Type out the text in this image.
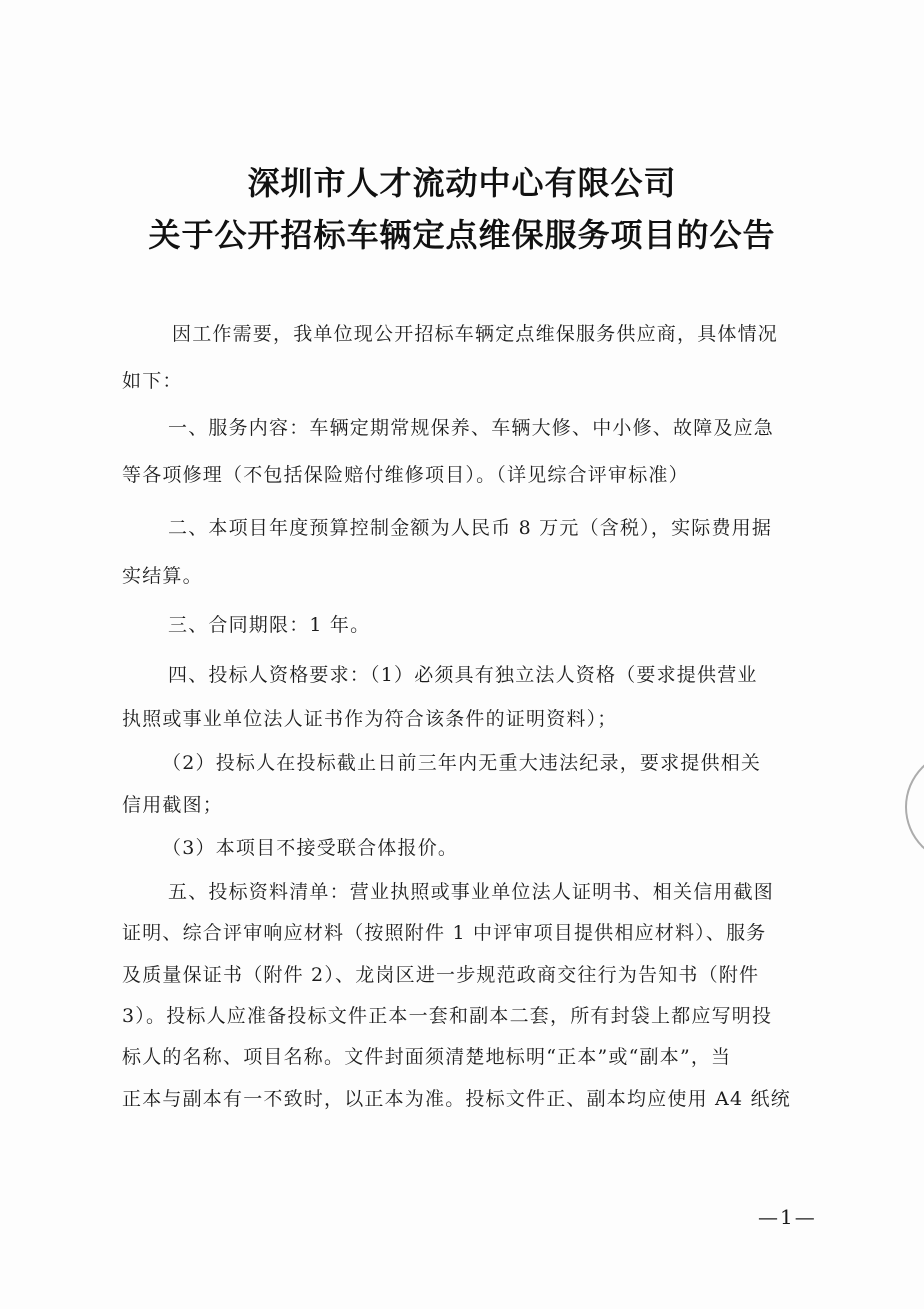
深圳市人才流动中心有限公司
关于公开招标车辆定点维保服务项目的公告
因工作需要，我单位现公开招标车辆定点维保服务供应商，具体情况
如下：
一、服务内容：车辆定期常规保养、车辆大修、中小修、故障及应急
等各项修理（不包括保险赔付维修项目）。（详见综合评审标准）
二、本项目年度预算控制金额为人民币 8 万元（含税），实际费用据
实结算。
三、合同期限：1 年。
四、投标人资格要求：（1）必须具有独立法人资格（要求提供营业
执照或事业单位法人证书作为符合该条件的证明资料）；
（2）投标人在投标截止日前三年内无重大违法纪录，要求提供相关
信用截图；
（3）本项目不接受联合体报价。
五、投标资料清单：营业执照或事业单位法人证明书、相关信用截图
证明、综合评审响应材料（按照附件 1 中评审项目提供相应材料）、服务
及质量保证书（附件 2）、龙岗区进一步规范政商交往行为告知书（附件
3）。投标人应准备投标文件正本一套和副本二套，所有封袋上都应写明投
标人的名称、项目名称。文件封面须清楚地标明“正本”或“副本”，当
正本与副本有一不致时，以正本为准。投标文件正、副本均应使用 A4 纸统
—1—
